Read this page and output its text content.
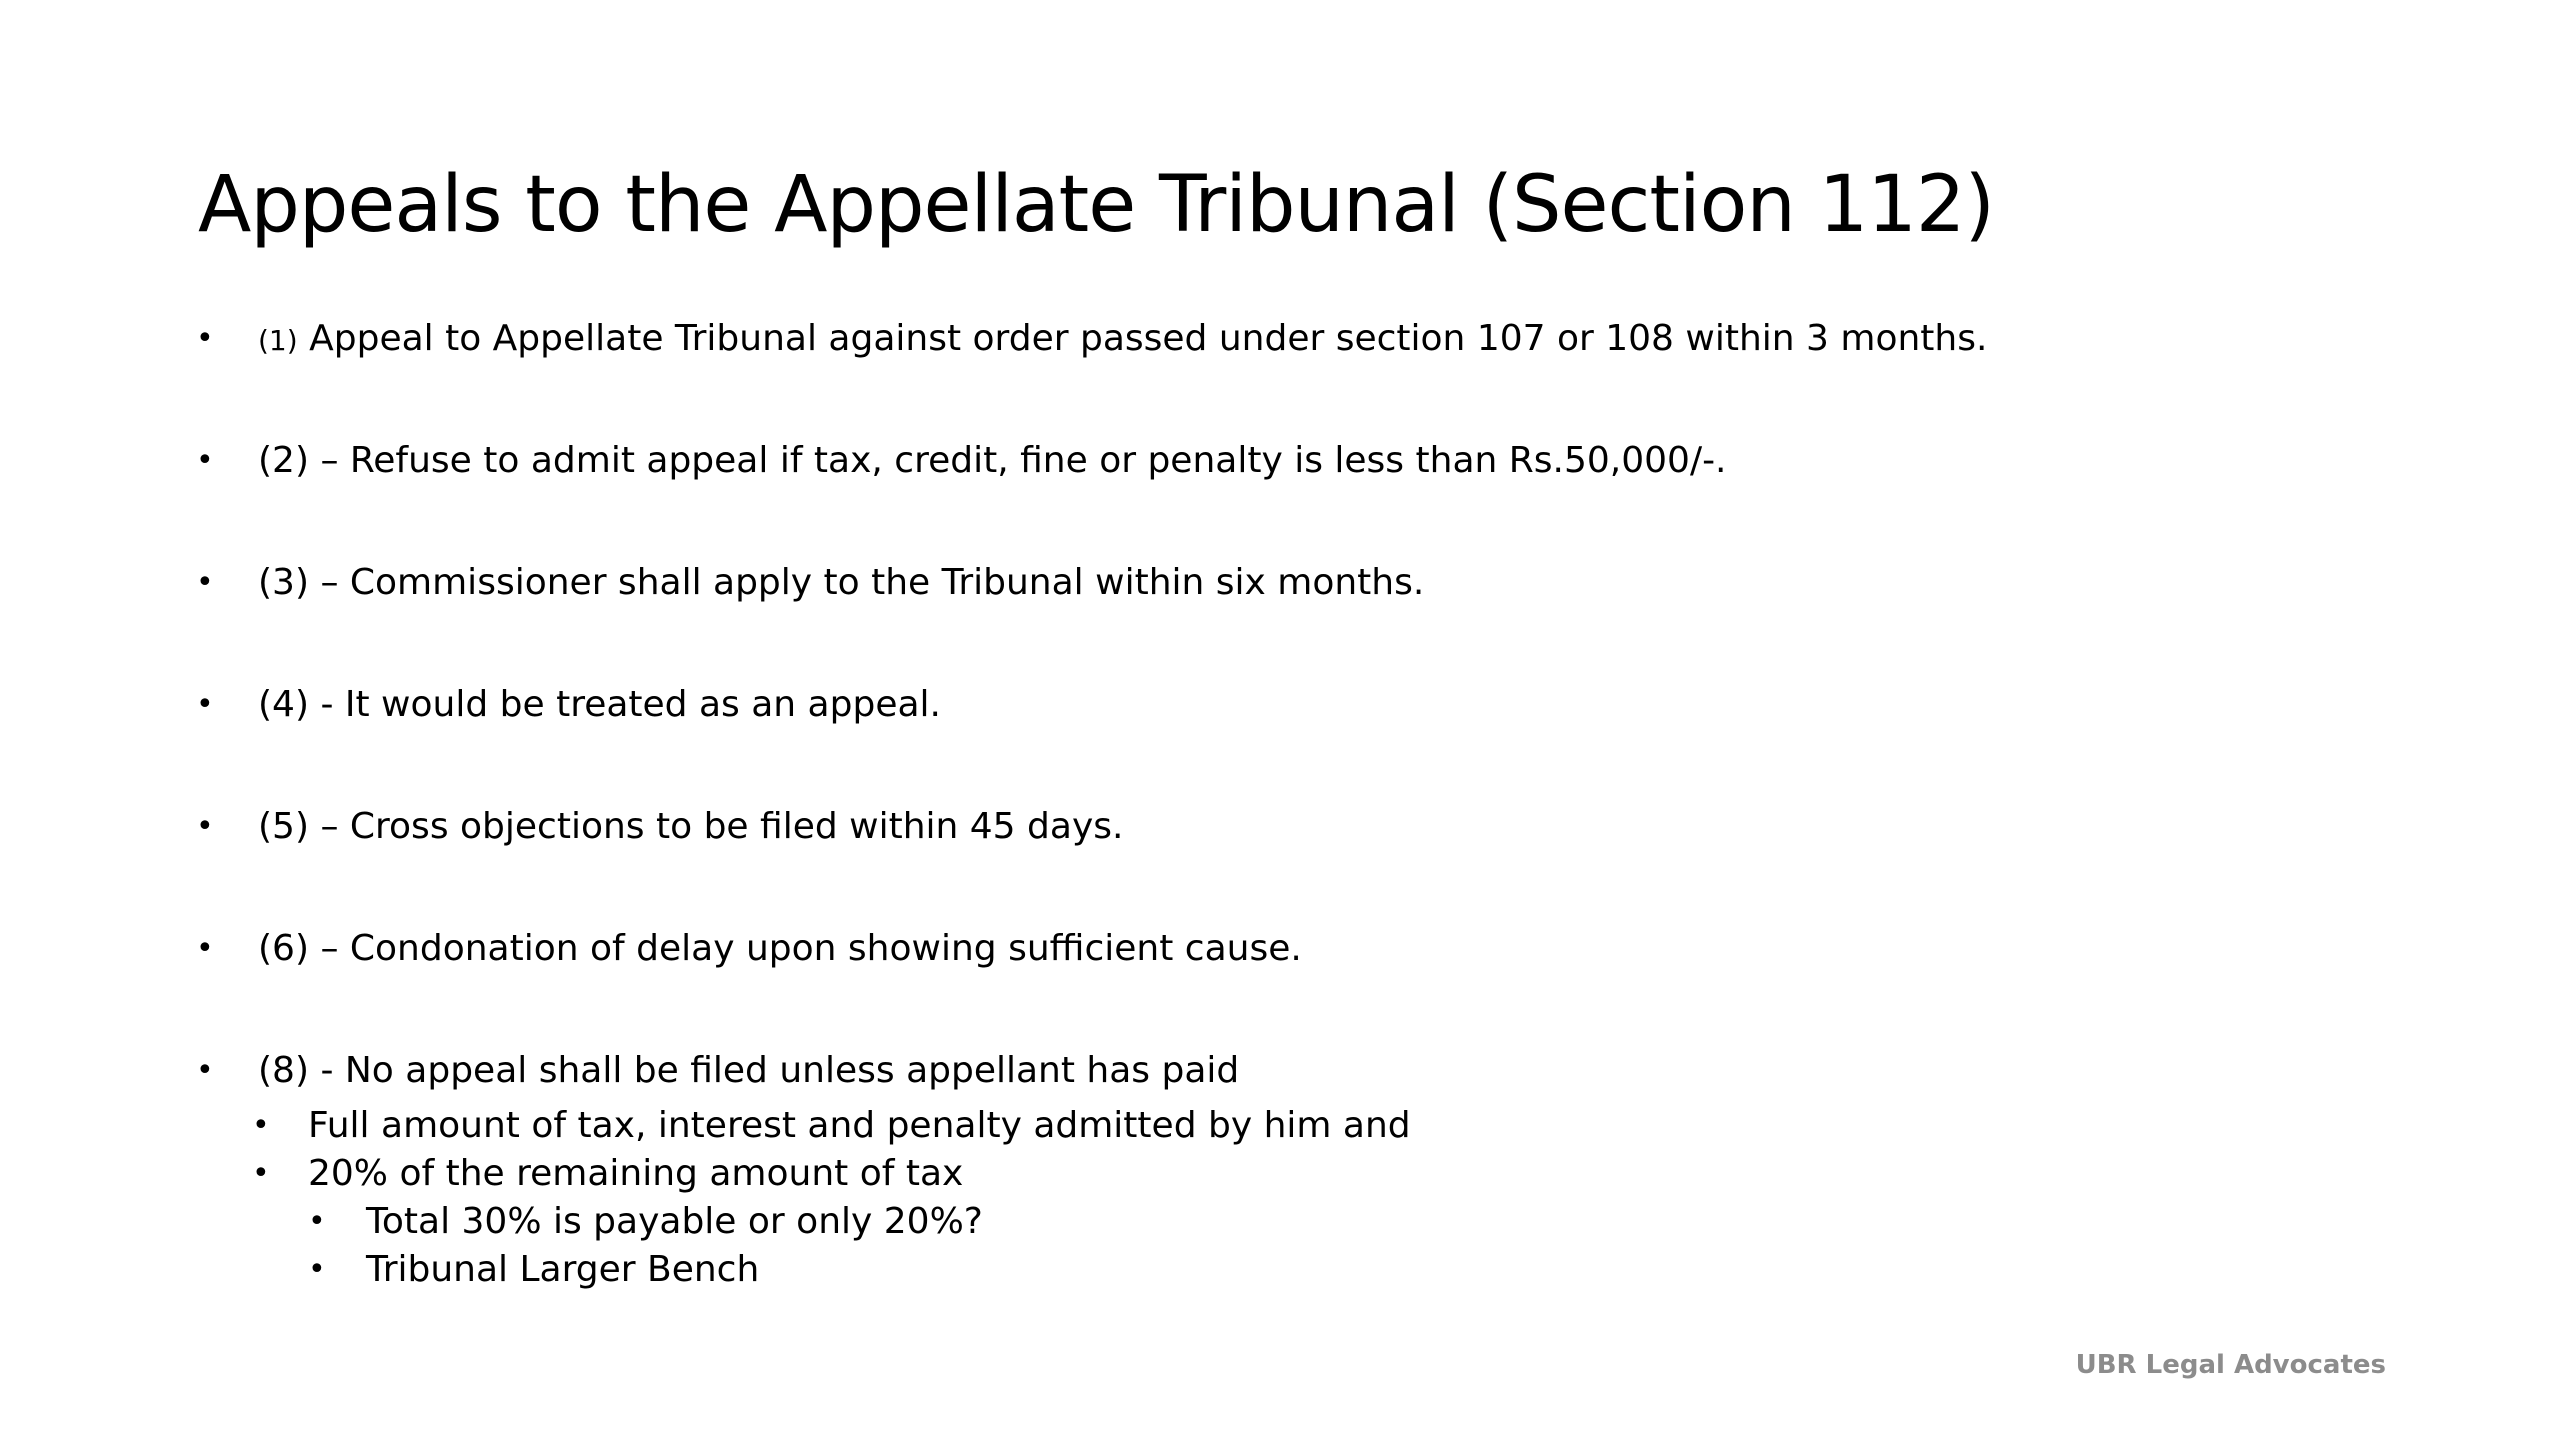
Appeals to the Appellate Tribunal (Section 112)
• (1) Appeal to Appellate Tribunal against order passed under section 107 or 108 within 3 months.
• (2) – Refuse to admit appeal if tax, credit, fine or penalty is less than Rs.50,000/-.
• (3) – Commissioner shall apply to the Tribunal within six months.
• (4) - It would be treated as an appeal.
• (5) – Cross objections to be filed within 45 days.
• (6) – Condonation of delay upon showing sufficient cause.
• (8) - No appeal shall be filed unless appellant has paid
• Full amount of tax, interest and penalty admitted by him and
• 20% of the remaining amount of tax
• Total 30% is payable or only 20%?
• Tribunal Larger Bench
UBR Legal Advocates
